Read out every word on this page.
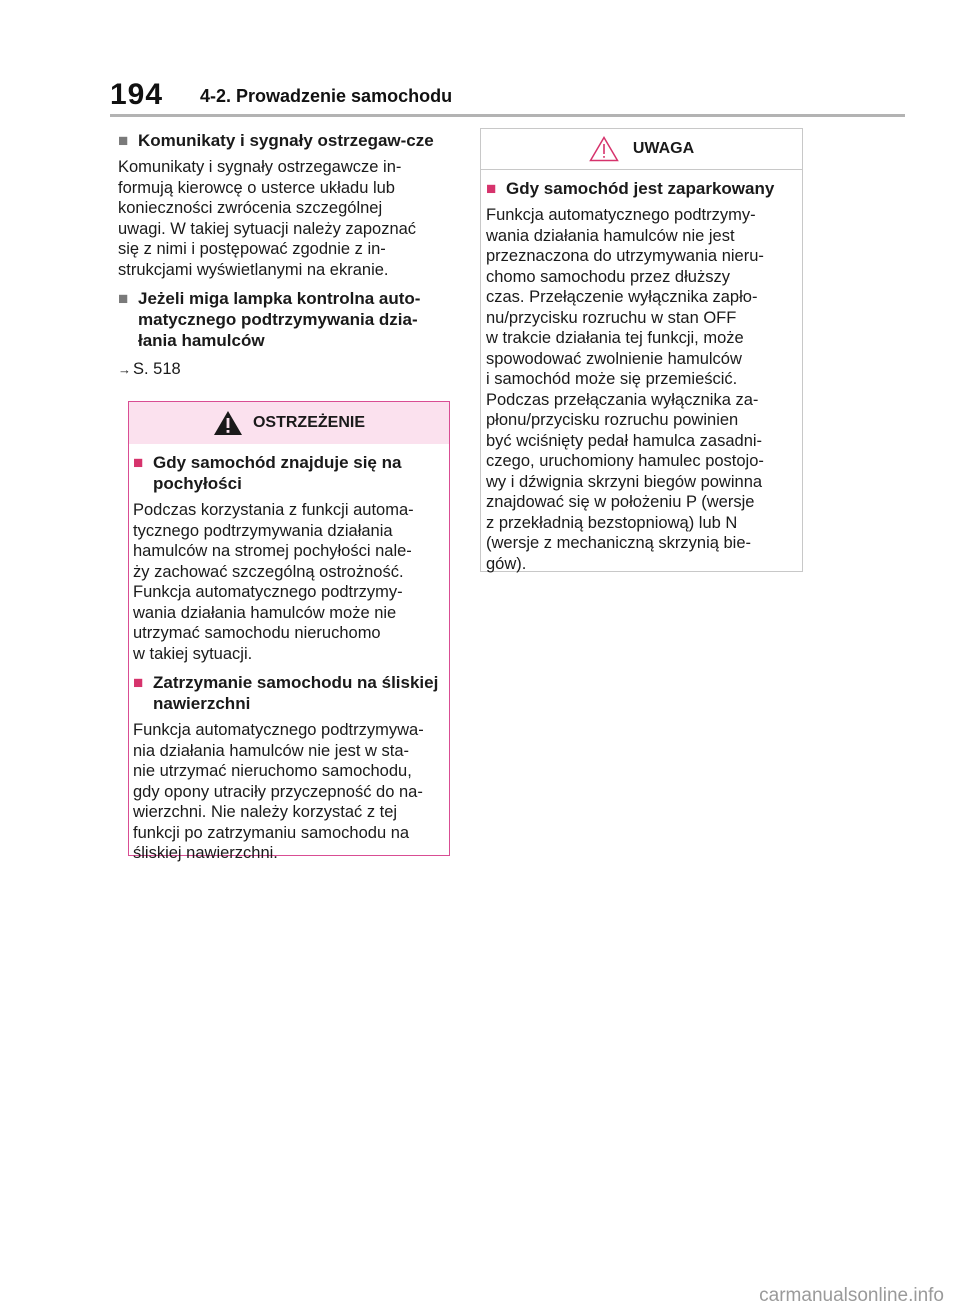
194 4-2. Prowadzenie samochodu

■ Komunikaty i sygnały ostrzegaw-cze

Komunikaty i sygnały ostrzegawcze in-
formują kierowcę o usterce układu lub
konieczności zwrócenia szczególnej
uwagi. W takiej sytuacji należy zapoznać
się z nimi i postępować zgodnie z in-
strukcjami wyświetlanymi na ekranie.

■ Jeżeli miga lampka kontrolna auto-matycznego podtrzymywania dzia-łania hamulców

→ S. 518

OSTRZEŻENIE

■ Gdy samochód znajduje się na pochyłości

Podczas korzystania z funkcji automa-
tycznego podtrzymywania działania
hamulców na stromej pochyłości nale-
ży zachować szczególną ostrożność.
Funkcja automatycznego podtrzymy-
wania działania hamulców może nie
utrzymać samochodu nieruchomo
w takiej sytuacji.

■ Zatrzymanie samochodu na śliskiej nawierzchni

Funkcja automatycznego podtrzymywa-
nia działania hamulców nie jest w sta-
nie utrzymać nieruchomo samochodu,
gdy opony utraciły przyczepność do na-
wierzchni. Nie należy korzystać z tej
funkcji po zatrzymaniu samochodu na
śliskiej nawierzchni.

UWAGA

■ Gdy samochód jest zaparkowany

Funkcja automatycznego podtrzymy-
wania działania hamulców nie jest
przeznaczona do utrzymywania nieru-
chomo samochodu przez dłuższy
czas. Przełączenie wyłącznika zapło-
nu/przycisku rozruchu w stan OFF
w trakcie działania tej funkcji, może
spowodować zwolnienie hamulców
i samochód może się przemieścić.
Podczas przełączania wyłącznika za-
płonu/przycisku rozruchu powinien
być wciśnięty pedał hamulca zasadni-
czego, uruchomiony hamulec postojo-
wy i dźwignia skrzyni biegów powinna
znajdować się w położeniu P (wersje
z przekładnią bezstopniową) lub N
(wersje z mechaniczną skrzynią bie-
gów).

carmanualsonline.info
